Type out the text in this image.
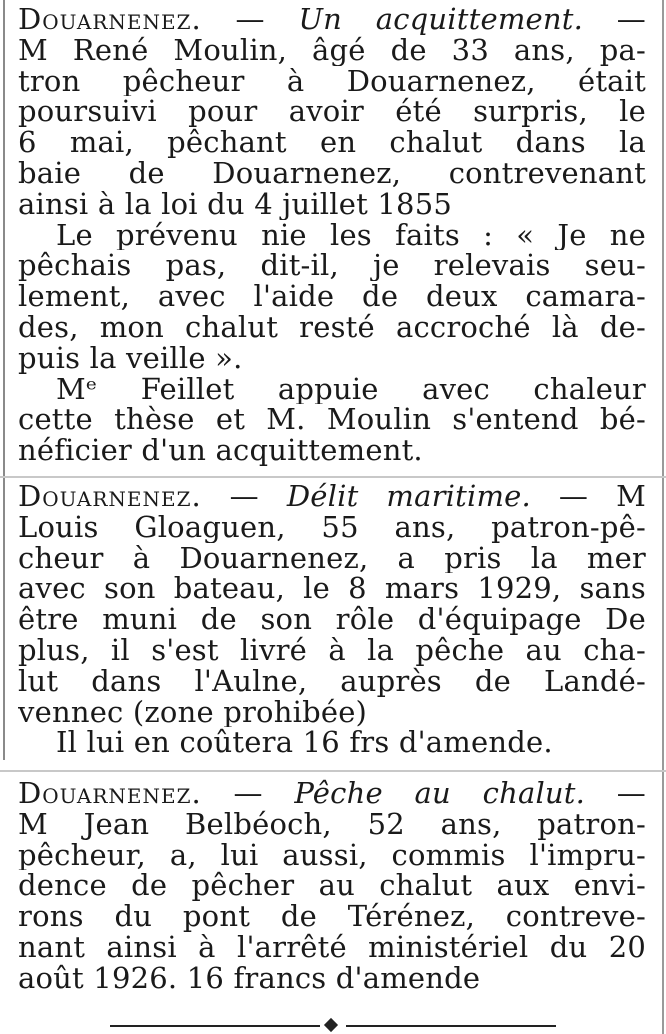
Douarnenez. — Un acquittement. —
M René Moulin, âgé de 33 ans, pa-
tron pêcheur à Douarnenez, était
poursuivi pour avoir été surpris, le
6 mai, pêchant en chalut dans la
baie de Douarnenez, contrevenant
ainsi à la loi du 4 juillet 1855
Le prévenu nie les faits : « Je ne
pêchais pas, dit-il, je relevais seu-
lement, avec l'aide de deux camara-
des, mon chalut resté accroché là de-
puis la veille ».
Mᵉ Feillet appuie avec chaleur
cette thèse et M. Moulin s'entend bé-
néficier d'un acquittement.
Douarnenez. — Délit maritime. — M
Louis Gloaguen, 55 ans, patron-pê-
cheur à Douarnenez, a pris la mer
avec son bateau, le 8 mars 1929, sans
être muni de son rôle d'équipage De
plus, il s'est livré à la pêche au cha-
lut dans l'Aulne, auprès de Landé-
vennec (zone prohibée)
Il lui en coûtera 16 frs d'amende.
Douarnenez. — Pêche au chalut. —
M Jean Belbéoch, 52 ans, patron-
pêcheur, a, lui aussi, commis l'impru-
dence de pêcher au chalut aux envi-
rons du pont de Térénez, contreve-
nant ainsi à l'arrêté ministériel du 20
août 1926. 16 francs d'amende
